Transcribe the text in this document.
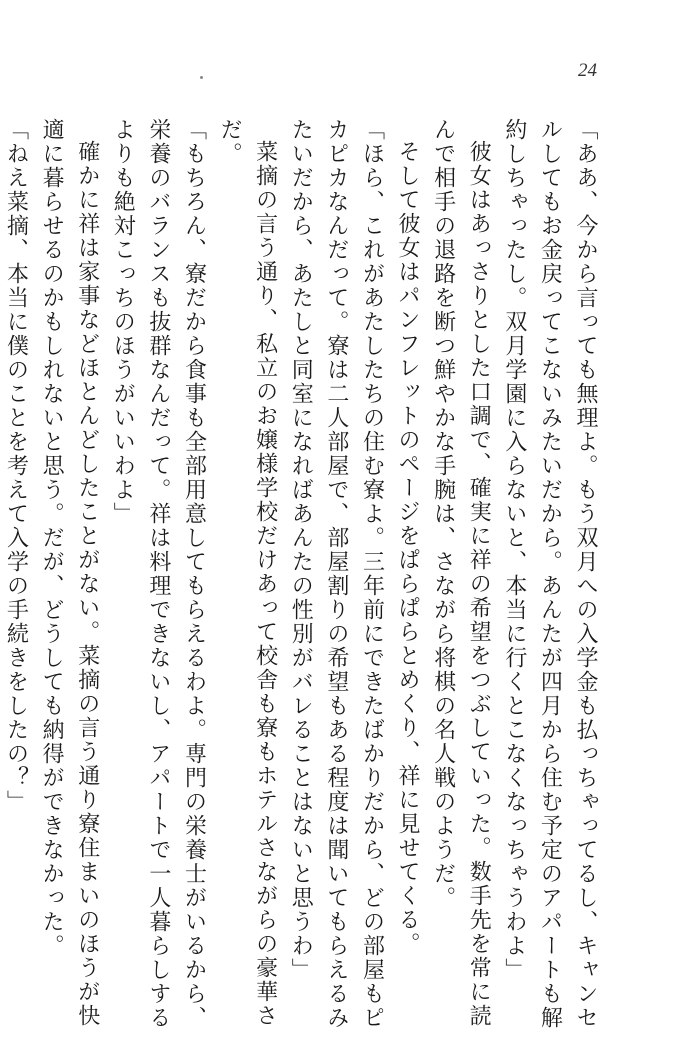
24

「ああ、今から言っても無理よ。もう双月への入学金も払っちゃってるし、キャンセ

ルしてもお金戻ってこないみたいだから。あんたが四月から住む予定のアパートも解

約しちゃったし。双月学園に入らないと、本当に行くとこなくなっちゃうわよ」

彼女はあっさりとした口調で、確実に祥の希望をつぶしていった。数手先を常に読

んで相手の退路を断つ鮮やかな手腕は、さながら将棋の名人戦のようだ。

そして彼女はパンフレットのページをぱらぱらとめくり、祥に見せてくる。

「ほら、これがあたしたちの住む寮よ。三年前にできたばかりだから、どの部屋もピ

カピカなんだって。寮は二人部屋で、部屋割りの希望もある程度は聞いてもらえるみ

たいだから、あたしと同室になればあんたの性別がバレることはないと思うわ」

菜摘の言う通り、私立のお嬢様学校だけあって校舎も寮もホテルさながらの豪華さ

だ。

「もちろん、寮だから食事も全部用意してもらえるわよ。専門の栄養士がいるから、

栄養のバランスも抜群なんだって。祥は料理できないし、アパートで一人暮らしする

よりも絶対こっちのほうがいいわよ」

確かに祥は家事などほとんどしたことがない。菜摘の言う通り寮住まいのほうが快

適に暮らせるのかもしれないと思う。だが、どうしても納得ができなかった。

「ねえ菜摘、本当に僕のことを考えて入学の手続きをしたの？」
